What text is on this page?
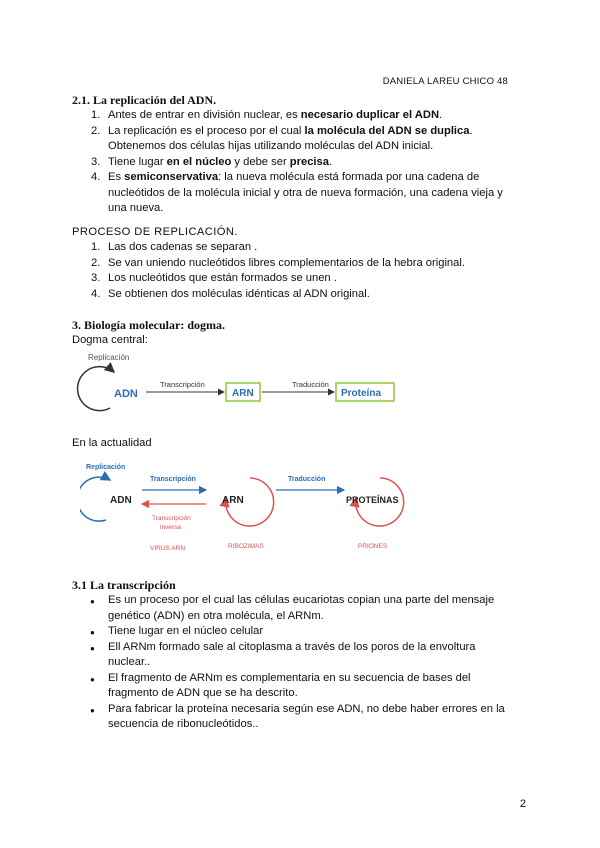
DANIELA LAREU CHICO 48
2.1. La replicación del ADN.
1. Antes de entrar en división nuclear, es necesario duplicar el ADN.
2. La replicación es el proceso por el cual la molécula del ADN se duplica. Obtenemos dos células hijas utilizando moléculas del ADN inicial.
3. Tiene lugar en el núcleo y debe ser precisa.
4. Es semiconservativa: la nueva molécula está formada por una cadena de nucleótidos de la molécula inicial y otra de nueva formación, una cadena vieja y una nueva.
PROCESO DE REPLICACIÓN.
1. Las dos cadenas se separan .
2. Se van uniendo nucleótidos libres complementarios de la hebra original.
3. Los nucleótidos que están formados se unen .
4. Se obtienen dos moléculas idénticas al ADN original.
3. Biología molecular: dogma.
Dogma central:
Replicación
ADN
Transcripción
ARN
Traducción
Proteína
En la actualidad
Replicación
ADN
Transcripción
Transcripción
inversa
VIRUS ARN
ARN
RIBOZIMAS
Traducción
PROTEÍNAS
PRIONES
3.1 La transcripción
● Es un proceso por el cual las células eucariotas copian una parte del mensaje genético (ADN) en otra molécula, el ARNm.
● Tiene lugar en el núcleo celular
● Ell ARNm formado sale al citoplasma a través de los poros de la envoltura nuclear..
● El fragmento de ARNm es complementaria en su secuencia de bases del fragmento de ADN que se ha descrito.
● Para fabricar la proteína necesaria según ese ADN, no debe haber errores en la secuencia de ribonucleótidos..
2
